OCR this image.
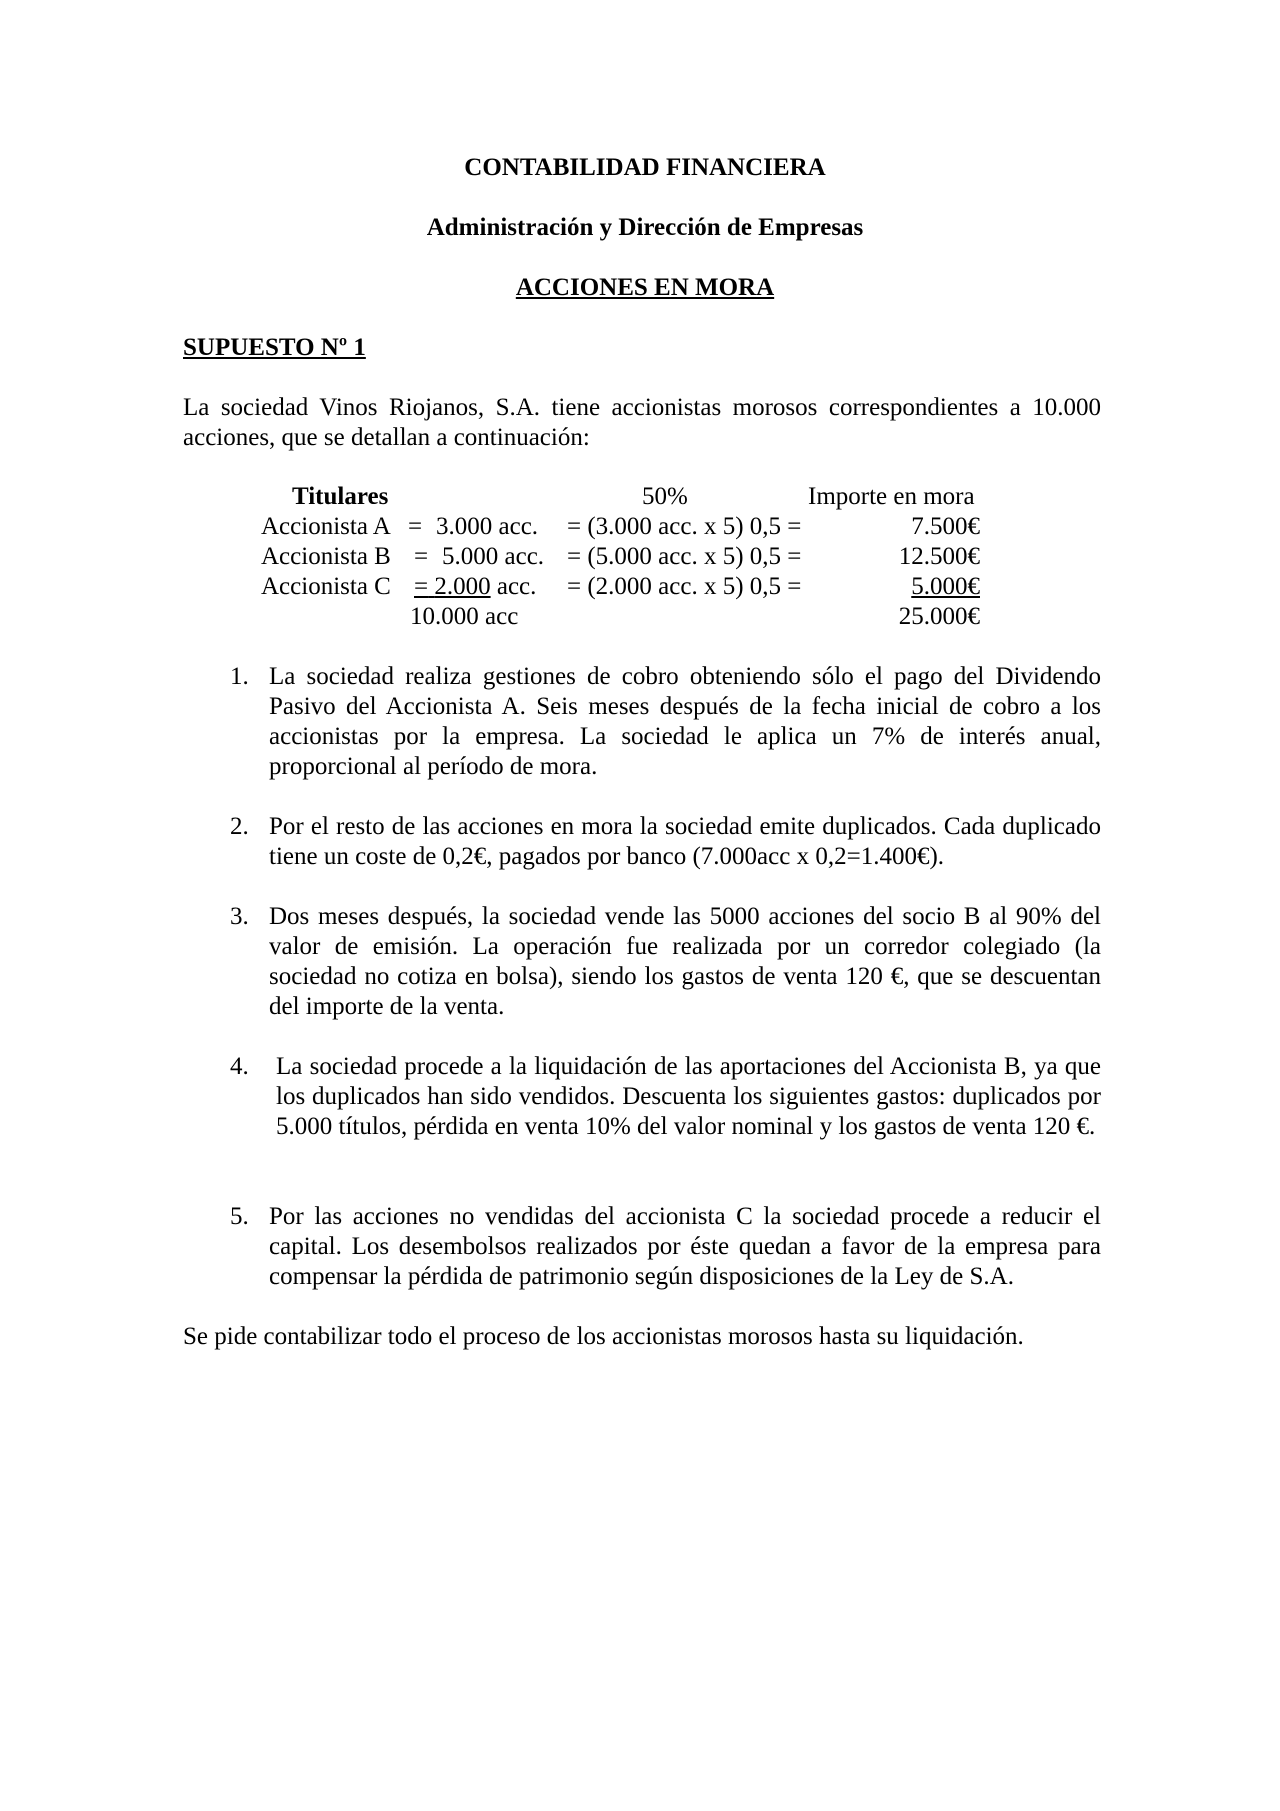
CONTABILIDAD FINANCIERA
Administración y Dirección de Empresas
ACCIONES EN MORA
SUPUESTO Nº 1
La sociedad Vinos Riojanos, S.A. tiene accionistas morosos correspondientes a 10.000 acciones, que se detallan a continuación:
Titulares	50%	Importe en mora
Accionista A = 3.000 acc. = (3.000 acc. x 5) 0,5 =	7.500€
Accionista B = 5.000 acc. = (5.000 acc. x 5) 0,5 =	12.500€
Accionista C = 2.000 acc. = (2.000 acc. x 5) 0,5 =	5.000€
10.000 acc	25.000€
1. La sociedad realiza gestiones de cobro obteniendo sólo el pago del Dividendo Pasivo del Accionista A. Seis meses después de la fecha inicial de cobro a los accionistas por la empresa. La sociedad le aplica un 7% de interés anual, proporcional al período de mora.
2. Por el resto de las acciones en mora la sociedad emite duplicados. Cada duplicado tiene un coste de 0,2€, pagados por banco (7.000acc x 0,2=1.400€).
3. Dos meses después, la sociedad vende las 5000 acciones del socio B al 90% del valor de emisión. La operación fue realizada por un corredor colegiado (la sociedad no cotiza en bolsa), siendo los gastos de venta 120 €, que se descuentan del importe de la venta.
4. La sociedad procede a la liquidación de las aportaciones del Accionista B, ya que los duplicados han sido vendidos. Descuenta los siguientes gastos: duplicados por 5.000 títulos, pérdida en venta 10% del valor nominal y los gastos de venta 120 €.
5. Por las acciones no vendidas del accionista C la sociedad procede a reducir el capital. Los desembolsos realizados por éste quedan a favor de la empresa para compensar la pérdida de patrimonio según disposiciones de la Ley de S.A.
Se pide contabilizar todo el proceso de los accionistas morosos hasta su liquidación.
